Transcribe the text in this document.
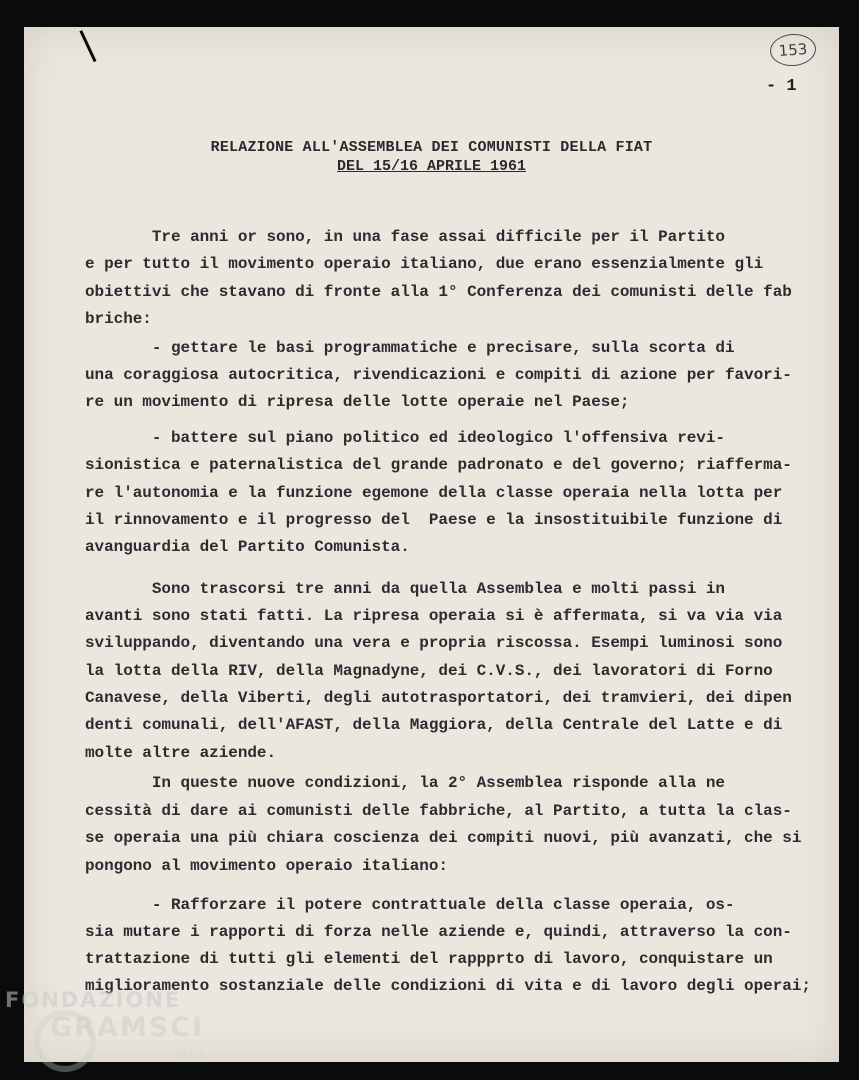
153
- 1
RELAZIONE ALL'ASSEMBLEA DEI COMUNISTI DELLA FIAT
DEL 15/16 APRILE 1961
Tre anni or sono, in una fase assai difficile per il Partito
e per tutto il movimento operaio italiano, due erano essenzialmente gli
obiettivi che stavano di fronte alla 1° Conferenza dei comunisti delle fab
briche:
- gettare le basi programmatiche e precisare, sulla scorta di
una coraggiosa autocritica, rivendicazioni e compiti di azione per favori-
re un movimento di ripresa delle lotte operaie nel Paese;
- battere sul piano politico ed ideologico l'offensiva revi-
sionistica e paternalistica del grande padronato e del governo; riafferma-
re l'autonomia e la funzione egemone della classe operaia nella lotta per
il rinnovamento e il progresso del  Paese e la insostituibile funzione di
avanguardia del Partito Comunista.
Sono trascorsi tre anni da quella Assemblea e molti passi in
avanti sono stati fatti. La ripresa operaia si è affermata, si va via via
sviluppando, diventando una vera e propria riscossa. Esempi luminosi sono
la lotta della RIV, della Magnadyne, dei C.V.S., dei lavoratori di Forno
Canavese, della Viberti, degli autotrasportatori, dei tramvieri, dei dipen
denti comunali, dell'AFAST, della Maggiora, della Centrale del Latte e di
molte altre aziende.
In queste nuove condizioni, la 2° Assemblea risponde alla ne
cessità di dare ai comunisti delle fabbriche, al Partito, a tutta la clas-
se operaia una più chiara coscienza dei compiti nuovi, più avanzati, che si
pongono al movimento operaio italiano:
- Rafforzare il potere contrattuale della classe operaia, os-
sia mutare i rapporti di forza nelle aziende e, quindi, attraverso la con-
trattazione di tutti gli elementi del rappprto di lavoro, conquistare un
miglioramento sostanziale delle condizioni di vita e di lavoro degli operai;
FONDAZIONE
GRAMSCI
onlus
